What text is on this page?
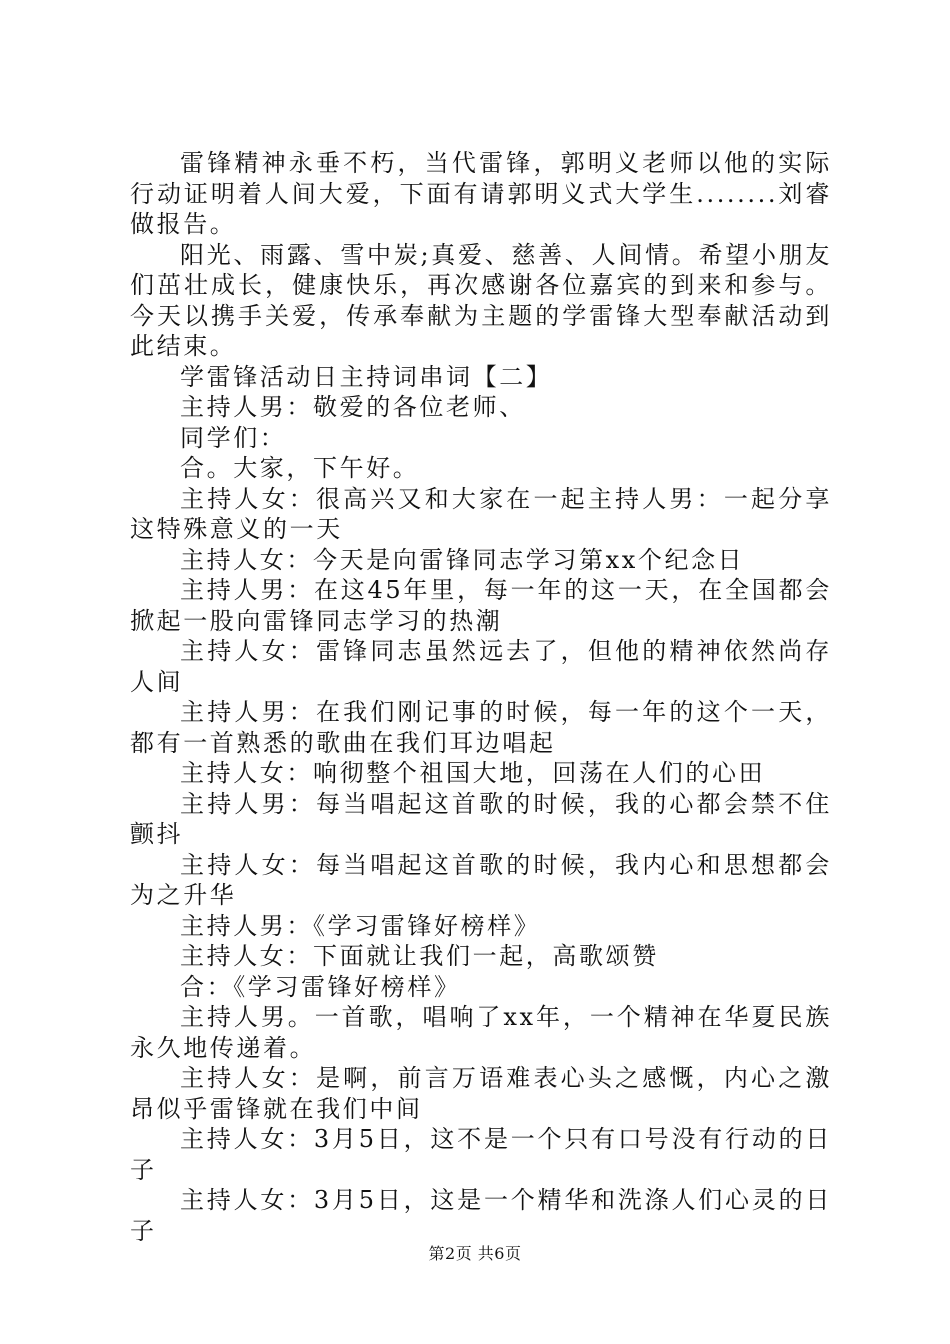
雷锋精神永垂不朽，当代雷锋，郭明义老师以他的实际行动证明着人间大爱，下面有请郭明义式大学生........刘睿做报告。

阳光、雨露、雪中炭;真爱、慈善、人间情。希望小朋友们茁壮成长，健康快乐，再次感谢各位嘉宾的到来和参与。今天以携手关爱，传承奉献为主题的学雷锋大型奉献活动到此结束。

学雷锋活动日主持词串词【二】

主持人男：敬爱的各位老师、

同学们：

合。大家，下午好。

主持人女：很高兴又和大家在一起主持人男：一起分享这特殊意义的一天

主持人女：今天是向雷锋同志学习第xx个纪念日

主持人男：在这45年里，每一年的这一天，在全国都会掀起一股向雷锋同志学习的热潮

主持人女：雷锋同志虽然远去了，但他的精神依然尚存人间

主持人男：在我们刚记事的时候，每一年的这个一天，都有一首熟悉的歌曲在我们耳边唱起

主持人女：响彻整个祖国大地，回荡在人们的心田

主持人男：每当唱起这首歌的时候，我的心都会禁不住颤抖

主持人女：每当唱起这首歌的时候，我内心和思想都会为之升华

主持人男：《学习雷锋好榜样》

主持人女：下面就让我们一起，高歌颂赞

合：《学习雷锋好榜样》

主持人男。一首歌，唱响了xx年，一个精神在华夏民族永久地传递着。

主持人女：是啊，前言万语难表心头之感慨，内心之激昂似乎雷锋就在我们中间

主持人女：3月5日，这不是一个只有口号没有行动的日子

主持人女：3月5日，这是一个精华和洗涤人们心灵的日子

第2页 共6页
